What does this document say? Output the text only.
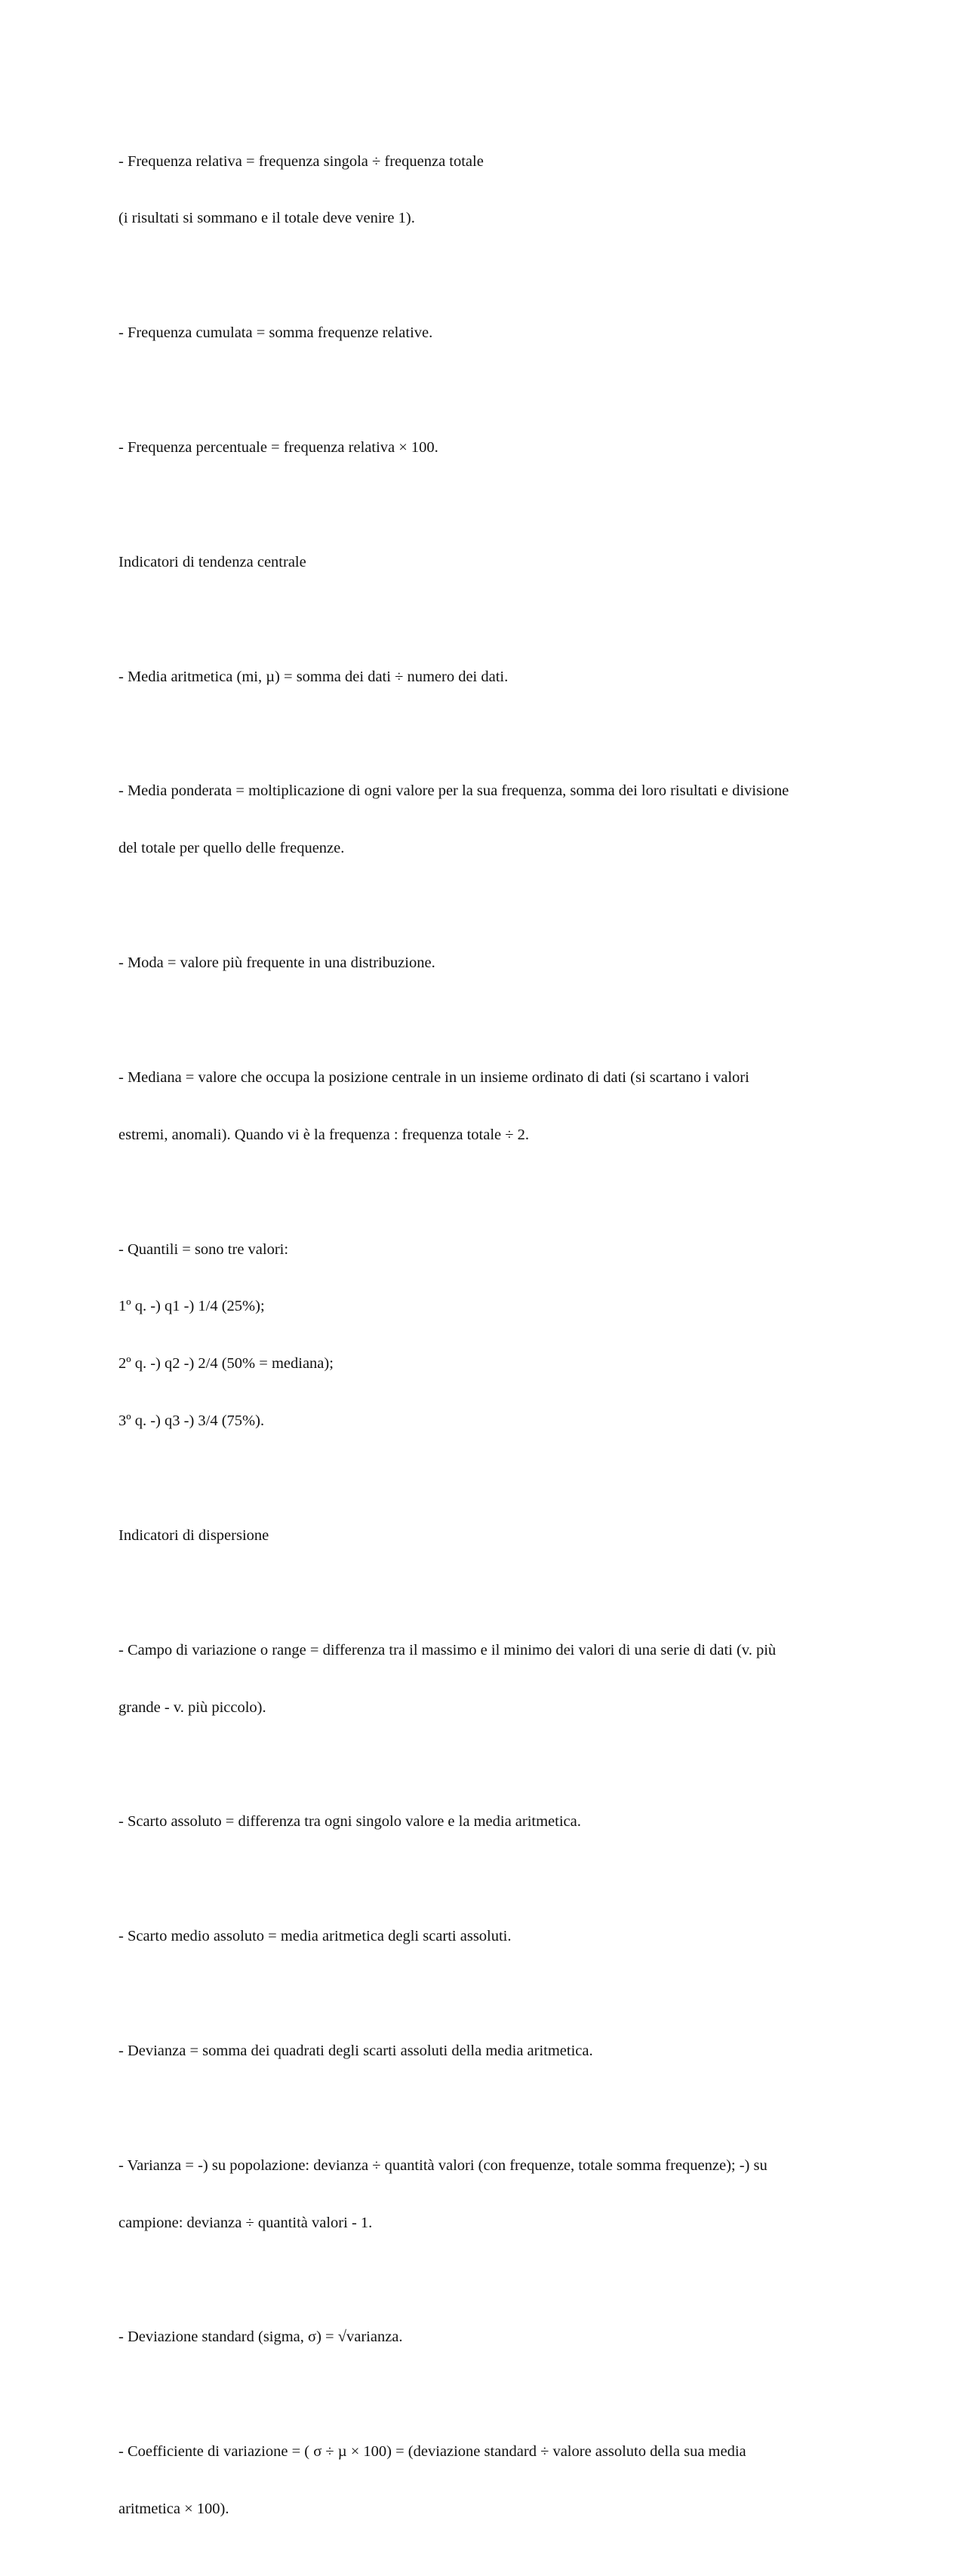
- Frequenza relativa = frequenza singola ÷ frequenza totale

(i risultati si sommano e il totale deve venire 1).

- Frequenza cumulata = somma frequenze relative.

- Frequenza percentuale = frequenza relativa × 100.

Indicatori di tendenza centrale

- Media aritmetica (mi, µ) = somma dei dati ÷ numero dei dati.

- Media ponderata = moltiplicazione di ogni valore per la sua frequenza, somma dei loro risultati e divisione

del totale per quello delle frequenze.

- Moda = valore più frequente in una distribuzione.

- Mediana = valore che occupa la posizione centrale in un insieme ordinato di dati (si scartano i valori

estremi, anomali). Quando vi è la frequenza : frequenza totale ÷ 2.

- Quantili = sono tre valori:

1º q. -) q1 -) 1/4 (25%);

2º q. -) q2 -) 2/4 (50% = mediana);

3º q. -) q3 -) 3/4 (75%).

Indicatori di dispersione

- Campo di variazione o range = differenza tra il massimo e il minimo dei valori di una serie di dati (v. più

grande - v. più piccolo).

- Scarto assoluto = differenza tra ogni singolo valore e la media aritmetica.

- Scarto medio assoluto = media aritmetica degli scarti assoluti.

- Devianza = somma dei quadrati degli scarti assoluti della media aritmetica.

- Varianza = -) su popolazione: devianza ÷ quantità valori (con frequenze, totale somma frequenze); -) su

campione: devianza ÷ quantità valori - 1.

- Deviazione standard (sigma, σ) = √varianza.

- Coefficiente di variazione = ( σ ÷ µ × 100) = (deviazione standard ÷ valore assoluto della sua media

aritmetica × 100).
